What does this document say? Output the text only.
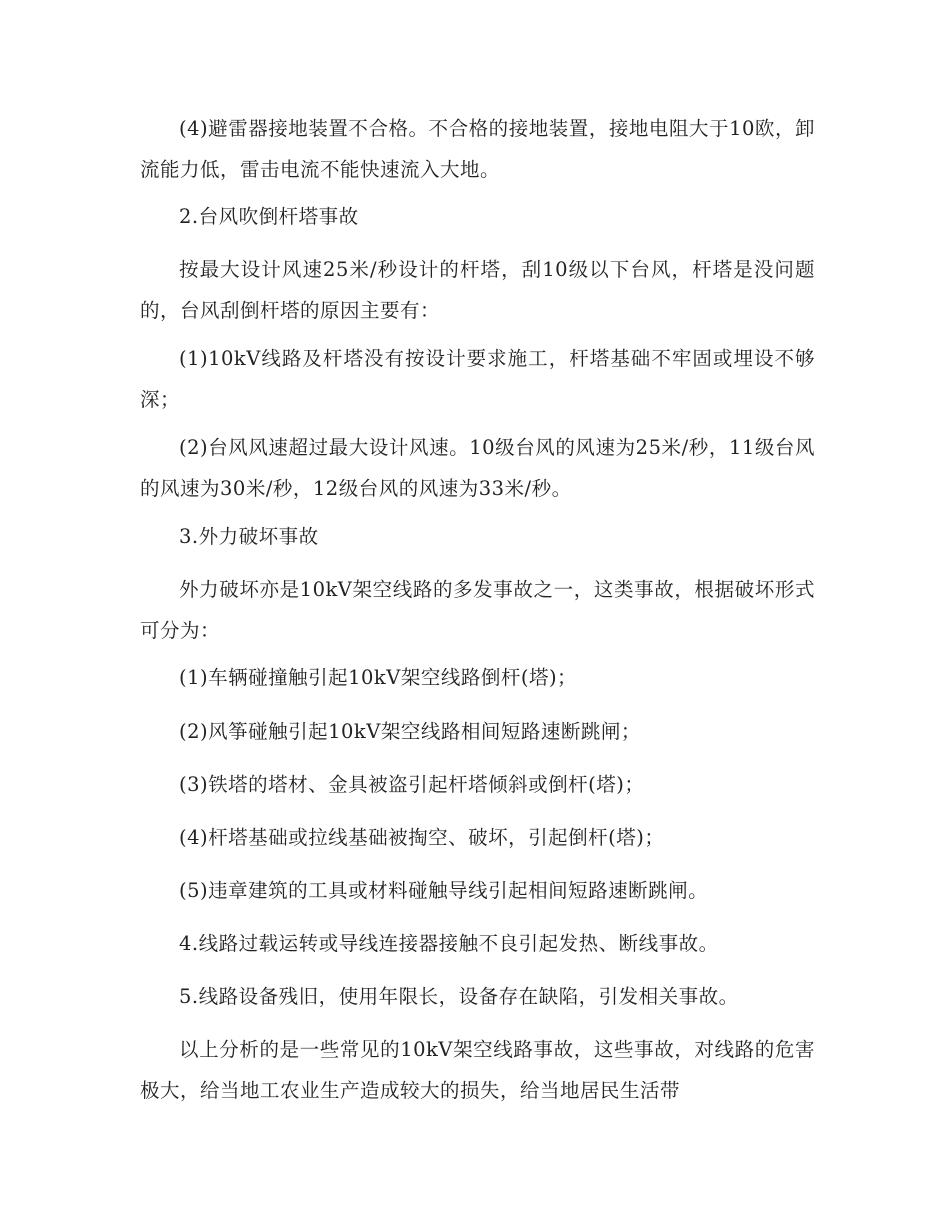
(4)避雷器接地装置不合格。不合格的接地装置，接地电阻大于10欧，卸流能力低，雷击电流不能快速流入大地。

2.台风吹倒杆塔事故

按最大设计风速25米/秒设计的杆塔，刮10级以下台风，杆塔是没问题的，台风刮倒杆塔的原因主要有：

(1)10kV线路及杆塔没有按设计要求施工，杆塔基础不牢固或埋设不够深；

(2)台风风速超过最大设计风速。10级台风的风速为25米/秒，11级台风的风速为30米/秒，12级台风的风速为33米/秒。

3.外力破坏事故

外力破坏亦是10kV架空线路的多发事故之一，这类事故，根据破坏形式可分为：

(1)车辆碰撞触引起10kV架空线路倒杆(塔)；

(2)风筝碰触引起10kV架空线路相间短路速断跳闸；

(3)铁塔的塔材、金具被盗引起杆塔倾斜或倒杆(塔)；

(4)杆塔基础或拉线基础被掏空、破坏，引起倒杆(塔)；

(5)违章建筑的工具或材料碰触导线引起相间短路速断跳闸。

4.线路过载运转或导线连接器接触不良引起发热、断线事故。

5.线路设备残旧，使用年限长，设备存在缺陷，引发相关事故。

以上分析的是一些常见的10kV架空线路事故，这些事故，对线路的危害极大，给当地工农业生产造成较大的损失，给当地居民生活带
